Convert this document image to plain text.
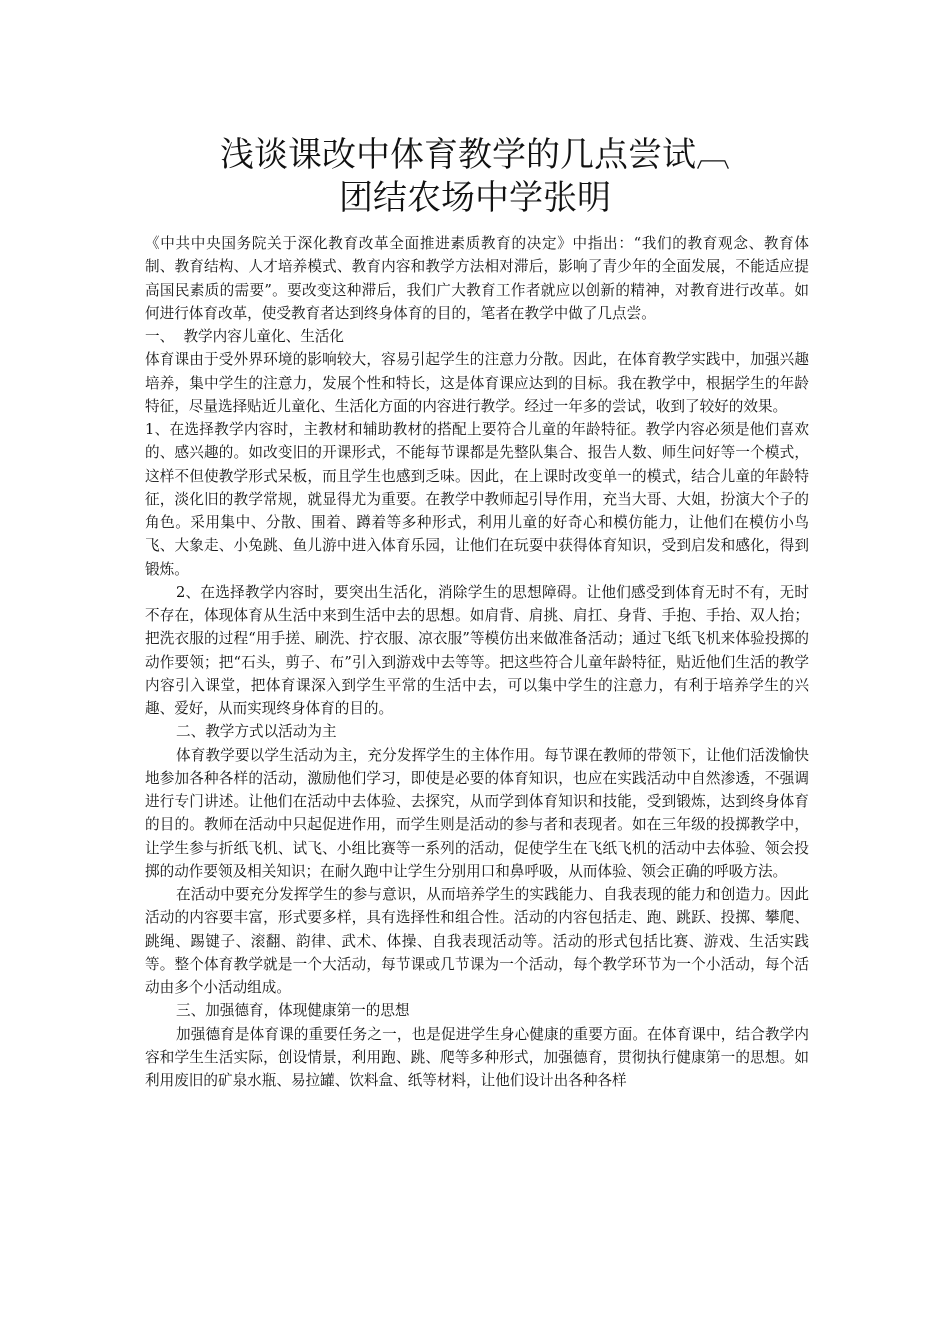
浅谈课改中体育教学的几点尝试︹
团结农场中学张明

《中共中央国务院关于深化教育改革全面推进素质教育的决定》中指出：“我们的教育观念、教育体制、教育结构、人才培养模式、教育内容和教学方法相对滞后，影响了青少年的全面发展，不能适应提高国民素质的需要”。要改变这种滞后，我们广大教育工作者就应以创新的精神，对教育进行改革。如何进行体育改革，使受教育者达到终身体育的目的，笔者在教学中做了几点尝。

一、  教学内容儿童化、生活化

体育课由于受外界环境的影响较大，容易引起学生的注意力分散。因此，在体育教学实践中，加强兴趣培养，集中学生的注意力，发展个性和特长，这是体育课应达到的目标。我在教学中，根据学生的年龄特征，尽量选择贴近儿童化、生活化方面的内容进行教学。经过一年多的尝试，收到了较好的效果。

1、在选择教学内容时，主教材和辅助教材的搭配上要符合儿童的年龄特征。教学内容必须是他们喜欢的、感兴趣的。如改变旧的开课形式，不能每节课都是先整队集合、报告人数、师生问好等一个模式，这样不但使教学形式呆板，而且学生也感到乏味。因此，在上课时改变单一的模式，结合儿童的年龄特征，淡化旧的教学常规，就显得尤为重要。在教学中教师起引导作用，充当大哥、大姐，扮演大个子的角色。采用集中、分散、围着、蹲着等多种形式，利用儿童的好奇心和模仿能力，让他们在模仿小鸟飞、大象走、小兔跳、鱼儿游中进入体育乐园，让他们在玩耍中获得体育知识，受到启发和感化，得到锻炼。

2、在选择教学内容时，要突出生活化，消除学生的思想障碍。让他们感受到体育无时不有，无时不存在，体现体育从生活中来到生活中去的思想。如肩背、肩挑、肩扛、身背、手抱、手抬、双人抬；把洗衣服的过程“用手搓、刷洗、拧衣服、凉衣服”等模仿出来做准备活动；通过飞纸飞机来体验投掷的动作要领；把“石头，剪子、布”引入到游戏中去等等。把这些符合儿童年龄特征，贴近他们生活的教学内容引入课堂，把体育课深入到学生平常的生活中去，可以集中学生的注意力，有利于培养学生的兴趣、爱好，从而实现终身体育的目的。

二、教学方式以活动为主

体育教学要以学生活动为主，充分发挥学生的主体作用。每节课在教师的带领下，让他们活泼愉快地参加各种各样的活动，激励他们学习，即使是必要的体育知识，也应在实践活动中自然渗透，不强调进行专门讲述。让他们在活动中去体验、去探究，从而学到体育知识和技能，受到锻炼，达到终身体育的目的。教师在活动中只起促进作用，而学生则是活动的参与者和表现者。如在三年级的投掷教学中，让学生参与折纸飞机、试飞、小组比赛等一系列的活动，促使学生在飞纸飞机的活动中去体验、领会投掷的动作要领及相关知识；在耐久跑中让学生分别用口和鼻呼吸，从而体验、领会正确的呼吸方法。

在活动中要充分发挥学生的参与意识，从而培养学生的实践能力、自我表现的能力和创造力。因此活动的内容要丰富，形式要多样，具有选择性和组合性。活动的内容包括走、跑、跳跃、投掷、攀爬、跳绳、踢键子、滚翻、韵律、武术、体操、自我表现活动等。活动的形式包括比赛、游戏、生活实践等。整个体育教学就是一个大活动，每节课或几节课为一个活动，每个教学环节为一个小活动，每个活动由多个小活动组成。

三、加强德育，体现健康第一的思想

加强德育是体育课的重要任务之一，也是促进学生身心健康的重要方面。在体育课中，结合教学内容和学生生活实际，创设情景，利用跑、跳、爬等多种形式，加强德育，贯彻执行健康第一的思想。如利用废旧的矿泉水瓶、易拉罐、饮料盒、纸等材料，让他们设计出各种各样
